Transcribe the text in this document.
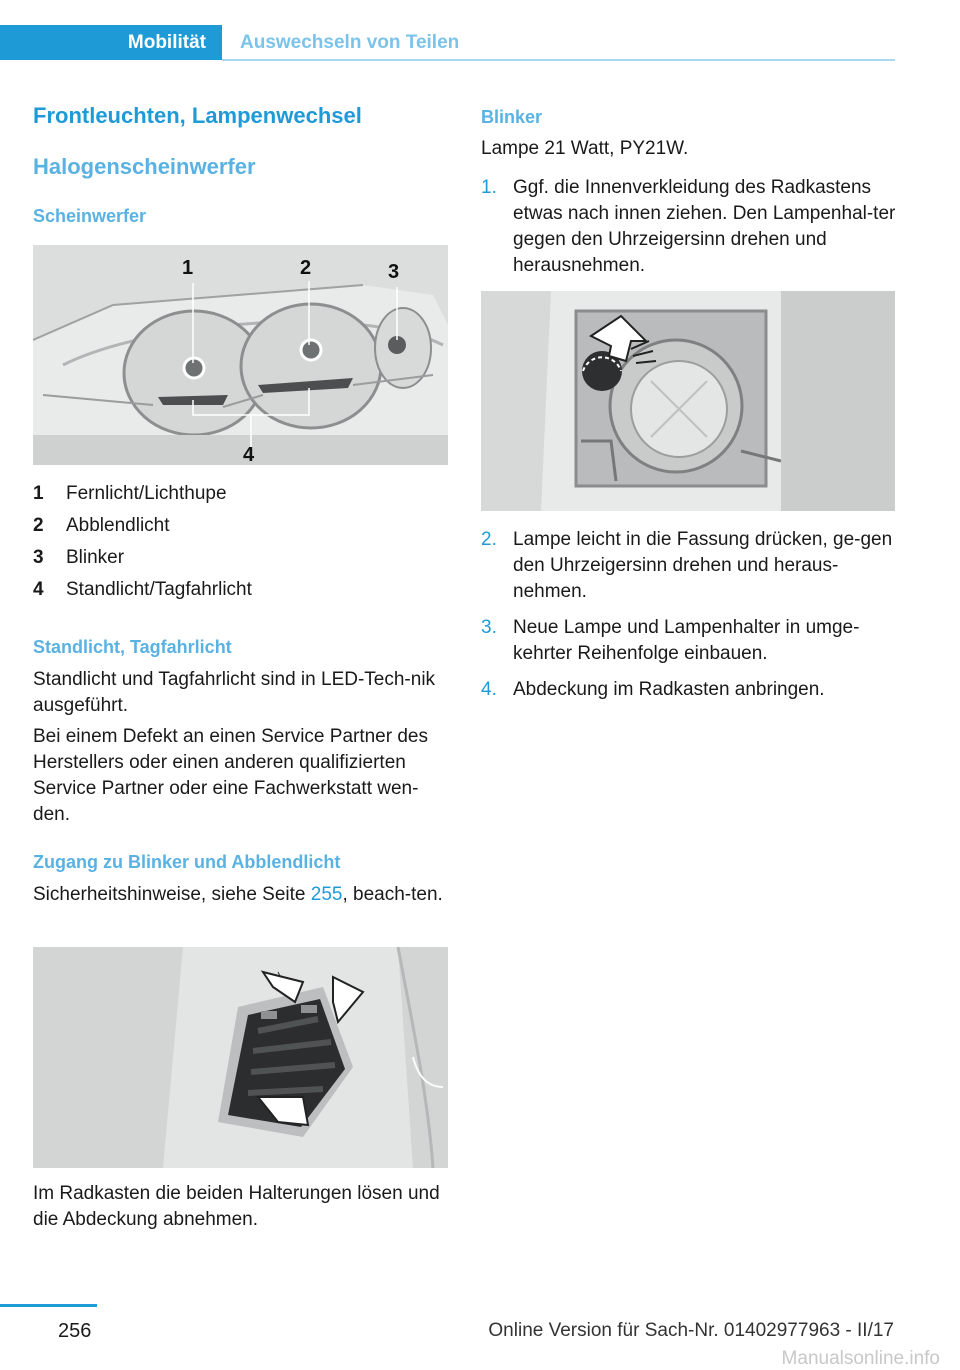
Mobilität	Auswechseln von Teilen
Frontleuchten, Lampenwechsel
Halogenscheinwerfer
Scheinwerfer
1	2	3
4
1	Fernlicht/Lichthupe
2	Abblendlicht
3	Blinker
4	Standlicht/Tagfahrlicht
Standlicht, Tagfahrlicht
Standlicht und Tagfahrlicht sind in LED-Tech-nik ausgeführt.
Bei einem Defekt an einen Service Partner des Herstellers oder einen anderen qualifizierten Service Partner oder eine Fachwerkstatt wen-den.
Zugang zu Blinker und Abblendlicht
Sicherheitshinweise, siehe Seite 255, beach-ten.
Im Radkasten die beiden Halterungen lösen und die Abdeckung abnehmen.
Blinker
Lampe 21 Watt, PY21W.
1. Ggf. die Innenverkleidung des Radkastens etwas nach innen ziehen. Den Lampenhal-ter gegen den Uhrzeigersinn drehen und herausnehmen.
2. Lampe leicht in die Fassung drücken, ge-gen den Uhrzeigersinn drehen und heraus-nehmen.
3. Neue Lampe und Lampenhalter in umge-kehrter Reihenfolge einbauen.
4. Abdeckung im Radkasten anbringen.
256	Online Version für Sach-Nr. 01402977963 - II/17
Manualsonline.info
